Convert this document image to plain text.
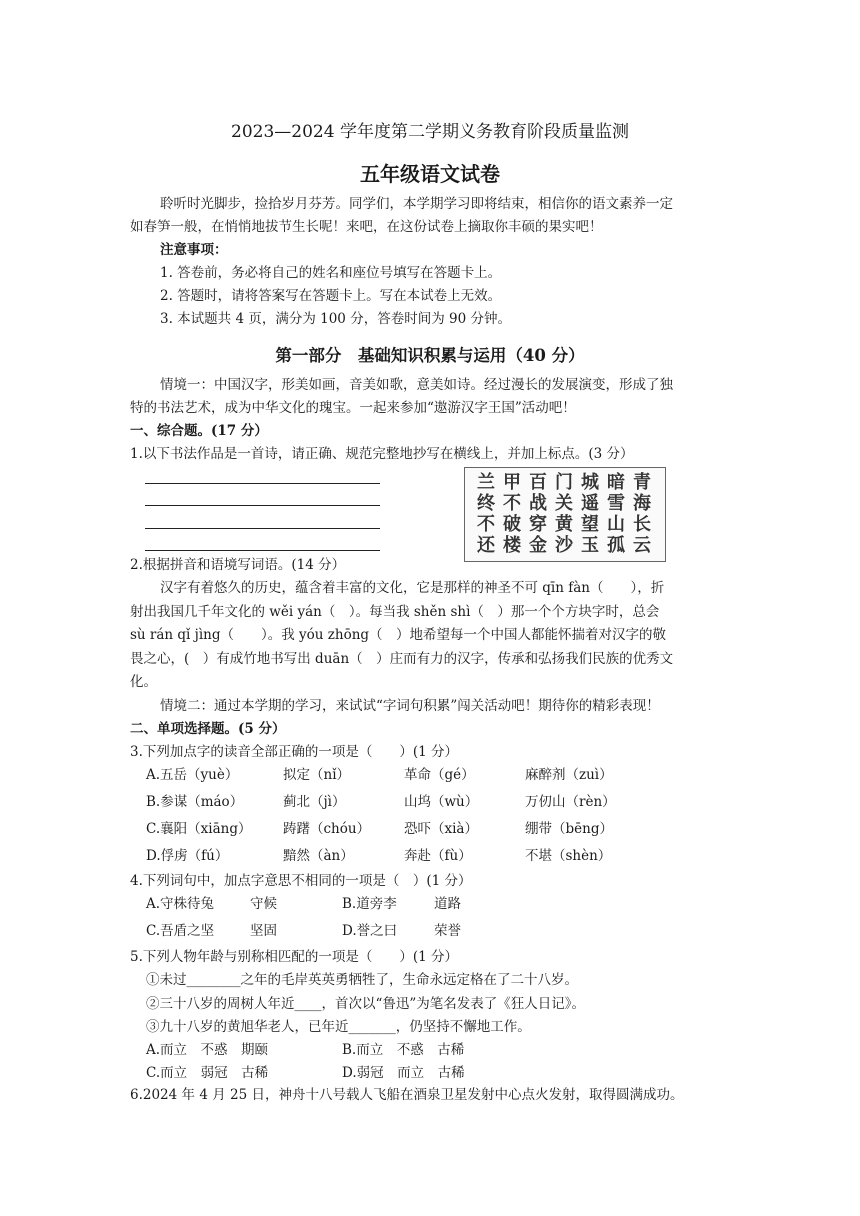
2023—2024 学年度第二学期义务教育阶段质量监测
五年级语文试卷
聆听时光脚步，捡拾岁月芬芳。同学们，本学期学习即将结束，相信你的语文素养一定
如春笋一般，在悄悄地拔节生长呢！来吧，在这份试卷上摘取你丰硕的果实吧！
注意事项：
1. 答卷前，务必将自己的姓名和座位号填写在答题卡上。
2. 答题时，请将答案写在答题卡上。写在本试卷上无效。
3. 本试题共 4 页，满分为 100 分，答卷时间为 90 分钟。
第一部分　基础知识积累与运用（40 分）
情境一：中国汉字，形美如画，音美如歌，意美如诗。经过漫长的发展演变，形成了独
特的书法艺术，成为中华文化的瑰宝。一起来参加“遨游汉字王国”活动吧！
一、综合题。(17 分）
1.以下书法作品是一首诗，请正确、规范完整地抄写在横线上，并加上标点。(3 分）
兰 甲 百 门 城 暗 青
终 不 战 关 遥 雪 海
不 破 穿 黄 望 山 长
还 楼 金 沙 玉 孤 云
2.根据拼音和语境写词语。(14 分）
汉字有着悠久的历史，蕴含着丰富的文化，它是那样的神圣不可 qīn fàn（　　），折
射出我国几千年文化的 wěi yán（　）。每当我 shěn shì（　）那一个个方块字时，总会
sù rán qǐ jìng（　　）。我 yóu zhōng（　）地希望每一个中国人都能怀揣着对汉字的敬
畏之心，(　）有成竹地书写出 duān（　）庄而有力的汉字，传承和弘扬我们民族的优秀文
化。
情境二：通过本学期的学习，来试试“字词句积累”闯关活动吧！期待你的精彩表现！
二、单项选择题。(5 分）
3.下列加点字的读音全部正确的一项是（　　）(1 分）
A.五岳（yuè）	拟定（nǐ）	革命（gé）	麻醉剂（zuì）
B.参谋（máo）	蓟北（jì）	山坞（wù）	万仞山（rèn）
C.襄阳（xiāng） 踌躇（chóu）	恐吓（xià）	绷带（bēng）
D.俘虏（fú）	黯然（àn）	奔赴（fù）	不堪（shèn）
4.下列词句中，加点字意思不相同的一项是（　）(1 分）
A.守株待兔	守候	B.道旁李	道路
C.吾盾之坚	坚固	D.誉之曰	荣誉
5.下列人物年龄与别称相匹配的一项是（　　）(1 分）
①未过________之年的毛岸英英勇牺牲了，生命永远定格在了二十八岁。
②三十八岁的周树人年近____，首次以“鲁迅”为笔名发表了《狂人日记》。
③九十八岁的黄旭华老人，已年近_______，仍坚持不懈地工作。
A.而立　不惑　期颐	B.而立　不惑　古稀
C.而立　弱冠　古稀	D.弱冠　而立　古稀
6.2024 年 4 月 25 日，神舟十八号载人飞船在酒泉卫星发射中心点火发射，取得圆满成功。
